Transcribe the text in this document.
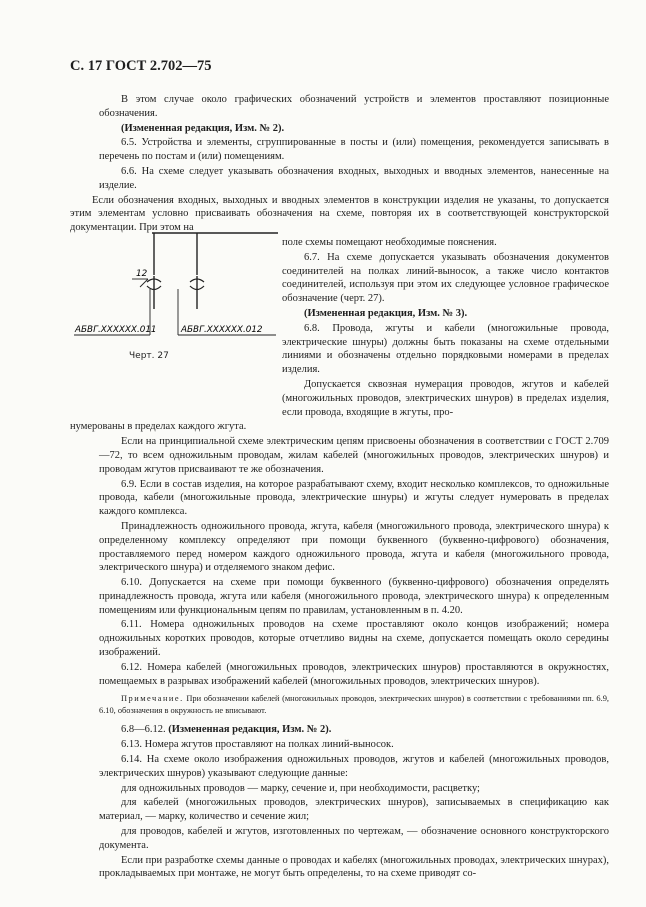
С. 17 ГОСТ 2.702—75

В этом случае около графических обозначений устройств и элементов проставляют позиционные обозначения.

(Измененная редакция, Изм. № 2).

6.5. Устройства и элементы, сгруппированные в посты и (или) помещения, рекомендуется записывать в перечень по постам и (или) помещениям.

6.6. На схеме следует указывать обозначения входных, выходных и вводных элементов, нанесенные на изделие.

Если обозначения входных, выходных и вводных элементов в конструкции изделия не указаны, то допускается этим элементам условно присваивать обозначения на схеме, повторяя их в соответствующей конструкторской документации. При этом на

поле схемы помещают необходимые пояснения.

6.7. На схеме допускается указывать обозначения документов соединителей на полках линий-выносок, а также число контактов соединителей, используя при этом их следующее условное графическое обозначение (черт. 27).

(Измененная редакция, Изм. № 3).

6.8. Провода, жгуты и кабели (многожильные провода, электрические шнуры) должны быть показаны на схеме отдельными линиями и обозначены отдельно порядковыми номерами в пределах изделия.

Допускается сквозная нумерация проводов, жгутов и кабелей (многожильных проводов, электрических шнуров) в пределах изделия, если провода, входящие в жгуты, про-

нумерованы в пределах каждого жгута.

Если на принципиальной схеме электрическим цепям присвоены обозначения в соответствии с ГОСТ 2.709—72, то всем одножильным проводам, жилам кабелей (многожильных проводов, электрических шнуров) и проводам жгутов присваивают те же обозначения.

6.9. Если в состав изделия, на которое разрабатывают схему, входит несколько комплексов, то одножильные провода, кабели (многожильные провода, электрические шнуры) и жгуты следует нумеровать в пределах каждого комплекса.

Принадлежность одножильного провода, жгута, кабеля (многожильного провода, электрического шнура) к определенному комплексу определяют при помощи буквенного (буквенно-цифрового) обозначения, проставляемого перед номером каждого одножильного провода, жгута и кабеля (многожильного провода, электрического шнура) и отделяемого знаком дефис.

6.10. Допускается на схеме при помощи буквенного (буквенно-цифрового) обозначения определять принадлежность провода, жгута или кабеля (многожильного провода, электрического шнура) к определенным помещениям или функциональным цепям по правилам, установленным в п. 4.20.

6.11. Номера одножильных проводов на схеме проставляют около концов изображений; номера одножильных коротких проводов, которые отчетливо видны на схеме, допускается помещать около середины изображений.

6.12. Номера кабелей (многожильных проводов, электрических шнуров) проставляются в окружностях, помещаемых в разрывах изображений кабелей (многожильных проводов, электрических шнуров).

Примечание. При обозначении кабелей (многожильных проводов, электрических шнуров) в соответствии с требованиями пп. 6.9, 6.10, обозначения в окружность не вписывают.

6.8—6.12. (Измененная редакция, Изм. № 2).

6.13. Номера жгутов проставляют на полках линий-выносок.

6.14. На схеме около изображения одножильных проводов, жгутов и кабелей (многожильных проводов, электрических шнуров) указывают следующие данные:

для одножильных проводов — марку, сечение и, при необходимости, расцветку;

для кабелей (многожильных проводов, электрических шнуров), записываемых в спецификацию как материал, — марку, количество и сечение жил;

для проводов, кабелей и жгутов, изготовленных по чертежам, — обозначение основного конструкторского документа.

Если при разработке схемы данные о проводах и кабелях (многожильных проводах, электрических шнурах), прокладываемых при монтаже, не могут быть определены, то на схеме приводят со-

12
АБВГ.ХХХХХХ.011	АБВГ.ХХХХХХ.012
Черт. 27
